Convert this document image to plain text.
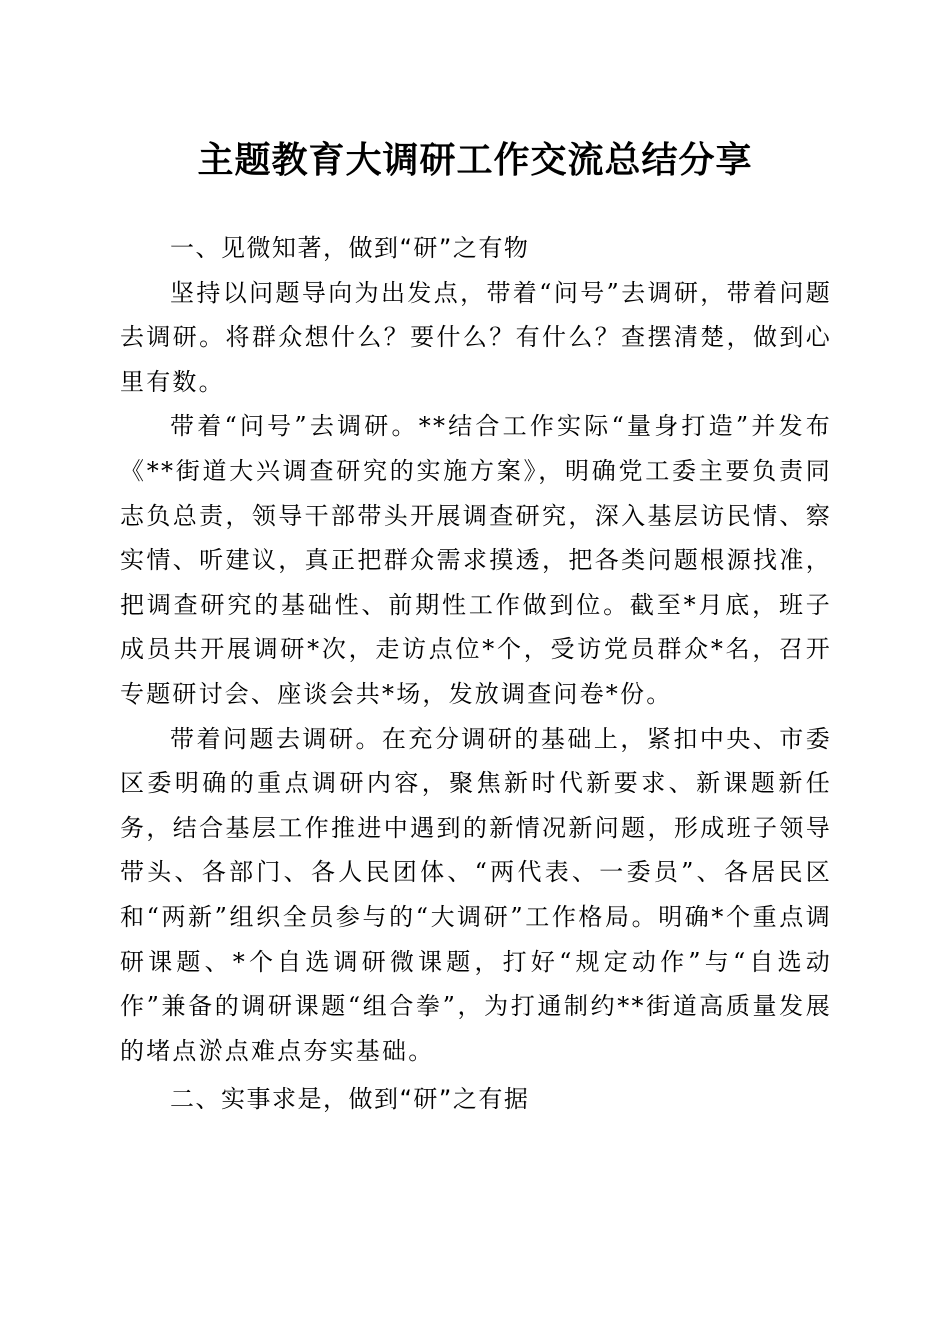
主题教育大调研工作交流总结分享
一、见微知著，做到“研”之有物

坚持以问题导向为出发点，带着“问号”去调研，带着问题去调研。将群众想什么？要什么？有什么？查摆清楚，做到心里有数。

带着“问号”去调研。**结合工作实际“量身打造”并发布《**街道大兴调查研究的实施方案》，明确党工委主要负责同志负总责，领导干部带头开展调查研究，深入基层访民情、察实情、听建议，真正把群众需求摸透，把各类问题根源找准，把调查研究的基础性、前期性工作做到位。截至*月底，班子成员共开展调研*次，走访点位*个，受访党员群众*名，召开专题研讨会、座谈会共*场，发放调查问卷*份。

带着问题去调研。在充分调研的基础上，紧扣中央、市委区委明确的重点调研内容，聚焦新时代新要求、新课题新任务，结合基层工作推进中遇到的新情况新问题，形成班子领导带头、各部门、各人民团体、“两代表、一委员”、各居民区和“两新”组织全员参与的“大调研”工作格局。明确*个重点调研课题、*个自选调研微课题，打好“规定动作”与“自选动作”兼备的调研课题“组合拳”，为打通制约**街道高质量发展的堵点淤点难点夯实基础。

二、实事求是，做到“研”之有据
